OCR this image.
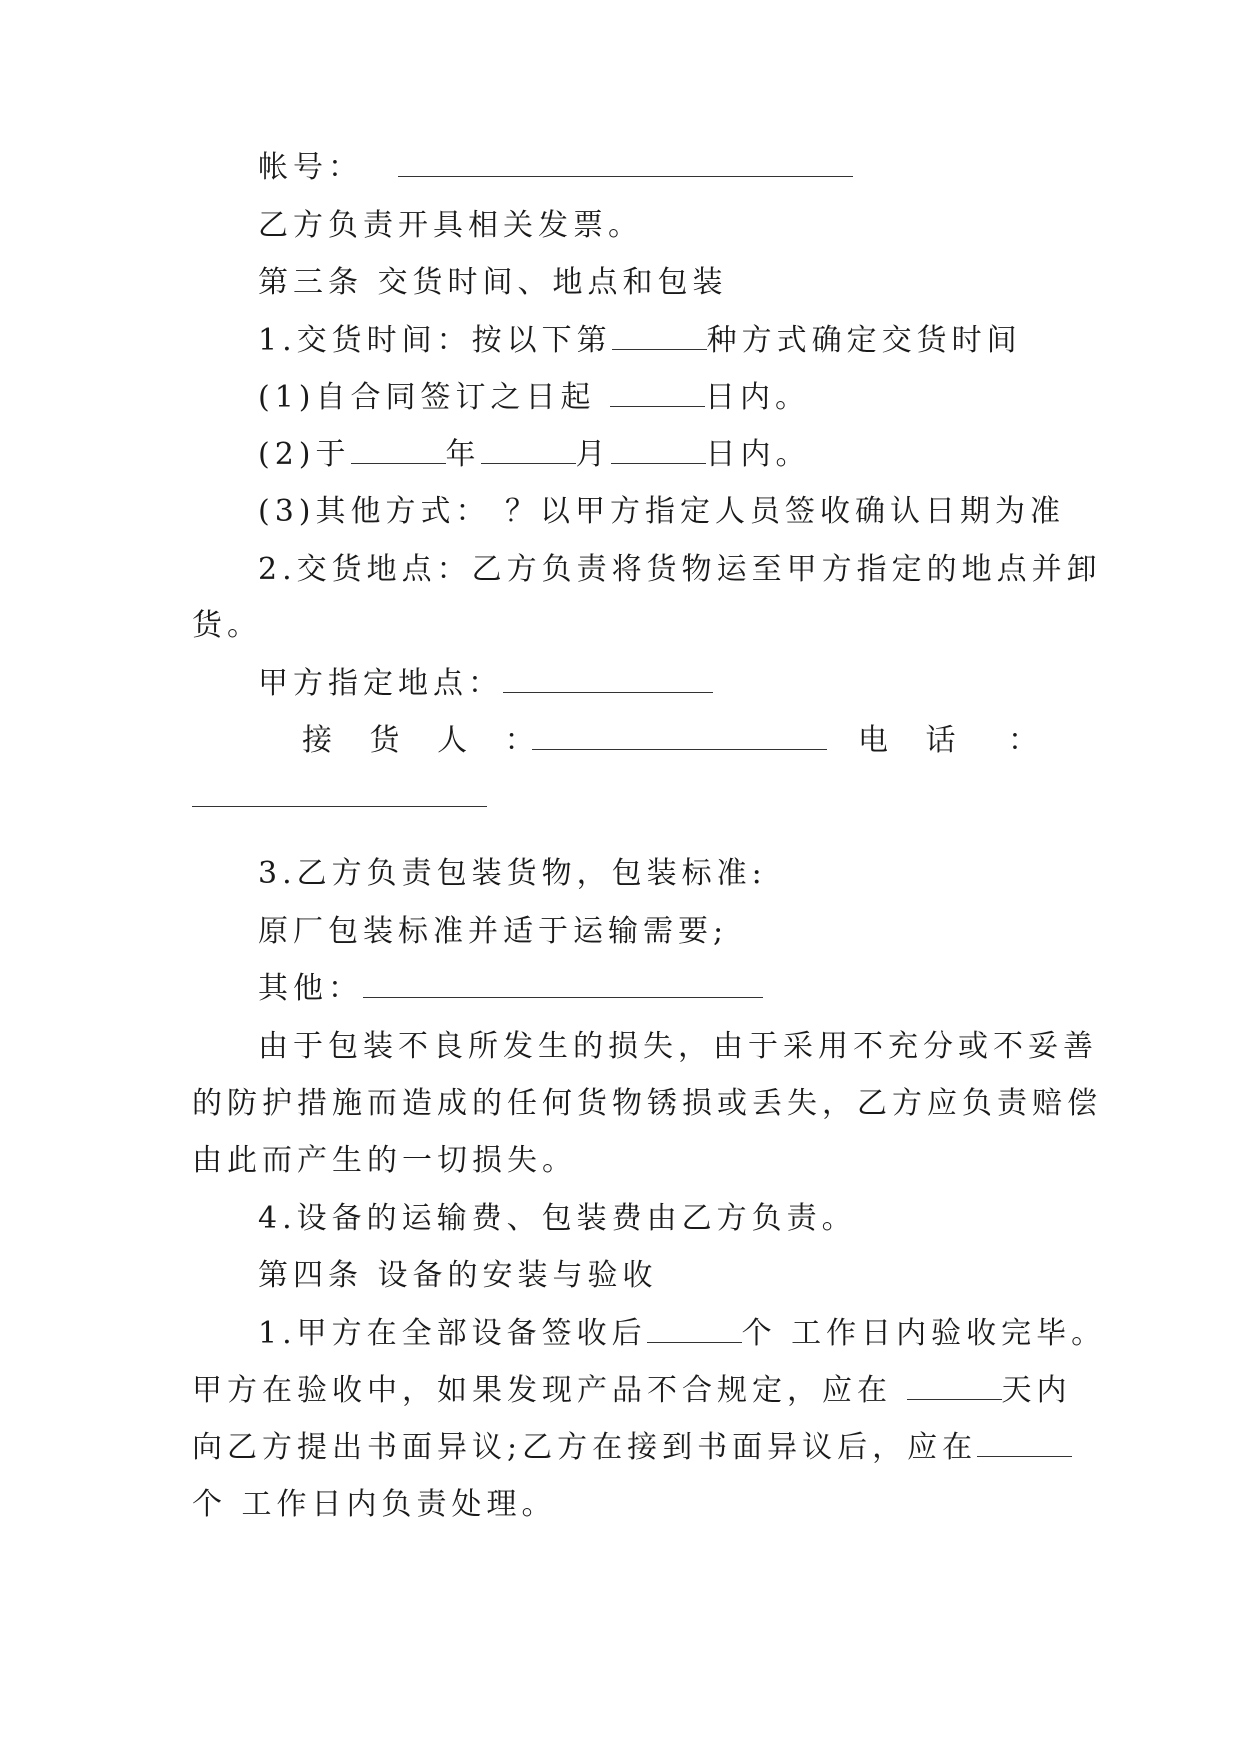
帐号：
乙方负责开具相关发票。
第三条 交货时间、地点和包装
1.交货时间：按以下第	种方式确定交货时间
(1)自合同签订之日起	日内。
(2)于	年	月	日内。
(3)其他方式： ？以甲方指定人员签收确认日期为准
2.交货地点：乙方负责将货物运至甲方指定的地点并卸
货。
甲方指定地点：
接 货 人 ：	电 话 ：
3.乙方负责包装货物，包装标准:
原厂包装标准并适于运输需要;
其他：
由于包装不良所发生的损失，由于采用不充分或不妥善
的防护措施而造成的任何货物锈损或丢失，乙方应负责赔偿
由此而产生的一切损失。
4.设备的运输费、包装费由乙方负责。
第四条 设备的安装与验收
1.甲方在全部设备签收后	个 工作日内验收完毕。
甲方在验收中，如果发现产品不合规定，应在	天内
向乙方提出书面异议;乙方在接到书面异议后，应在
个 工作日内负责处理。
